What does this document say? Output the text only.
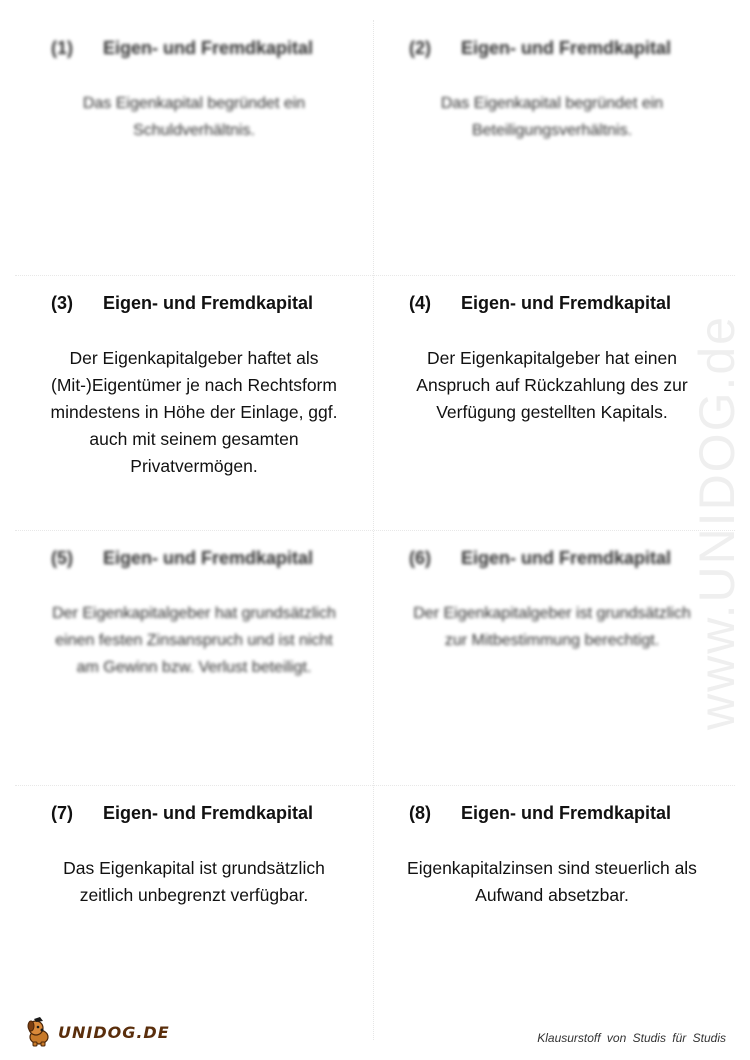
(1) Eigen- und Fremdkapital
Das Eigenkapital begründet ein Schuldverhältnis.
(2) Eigen- und Fremdkapital
Das Eigenkapital begründet ein Beteiligungsverhältnis.
(3) Eigen- und Fremdkapital
Der Eigenkapitalgeber haftet als (Mit-)Eigentümer je nach Rechtsform mindestens in Höhe der Einlage, ggf. auch mit seinem gesamten Privatvermögen.
(4) Eigen- und Fremdkapital
Der Eigenkapitalgeber hat einen Anspruch auf Rückzahlung des zur Verfügung gestellten Kapitals.
(5) Eigen- und Fremdkapital
Der Eigenkapitalgeber hat grundsätzlich einen festen Zinsanspruch und ist nicht am Gewinn bzw. Verlust beteiligt.
(6) Eigen- und Fremdkapital
Der Eigenkapitalgeber ist grundsätzlich zur Mitbestimmung berechtigt.
(7) Eigen- und Fremdkapital
Das Eigenkapital ist grundsätzlich zeitlich unbegrenzt verfügbar.
(8) Eigen- und Fremdkapital
Eigenkapitalzinsen sind steuerlich als Aufwand absetzbar.
www.UNIDOG.de
UNIDOG.DE	Klausurstoff von Studis für Studis
